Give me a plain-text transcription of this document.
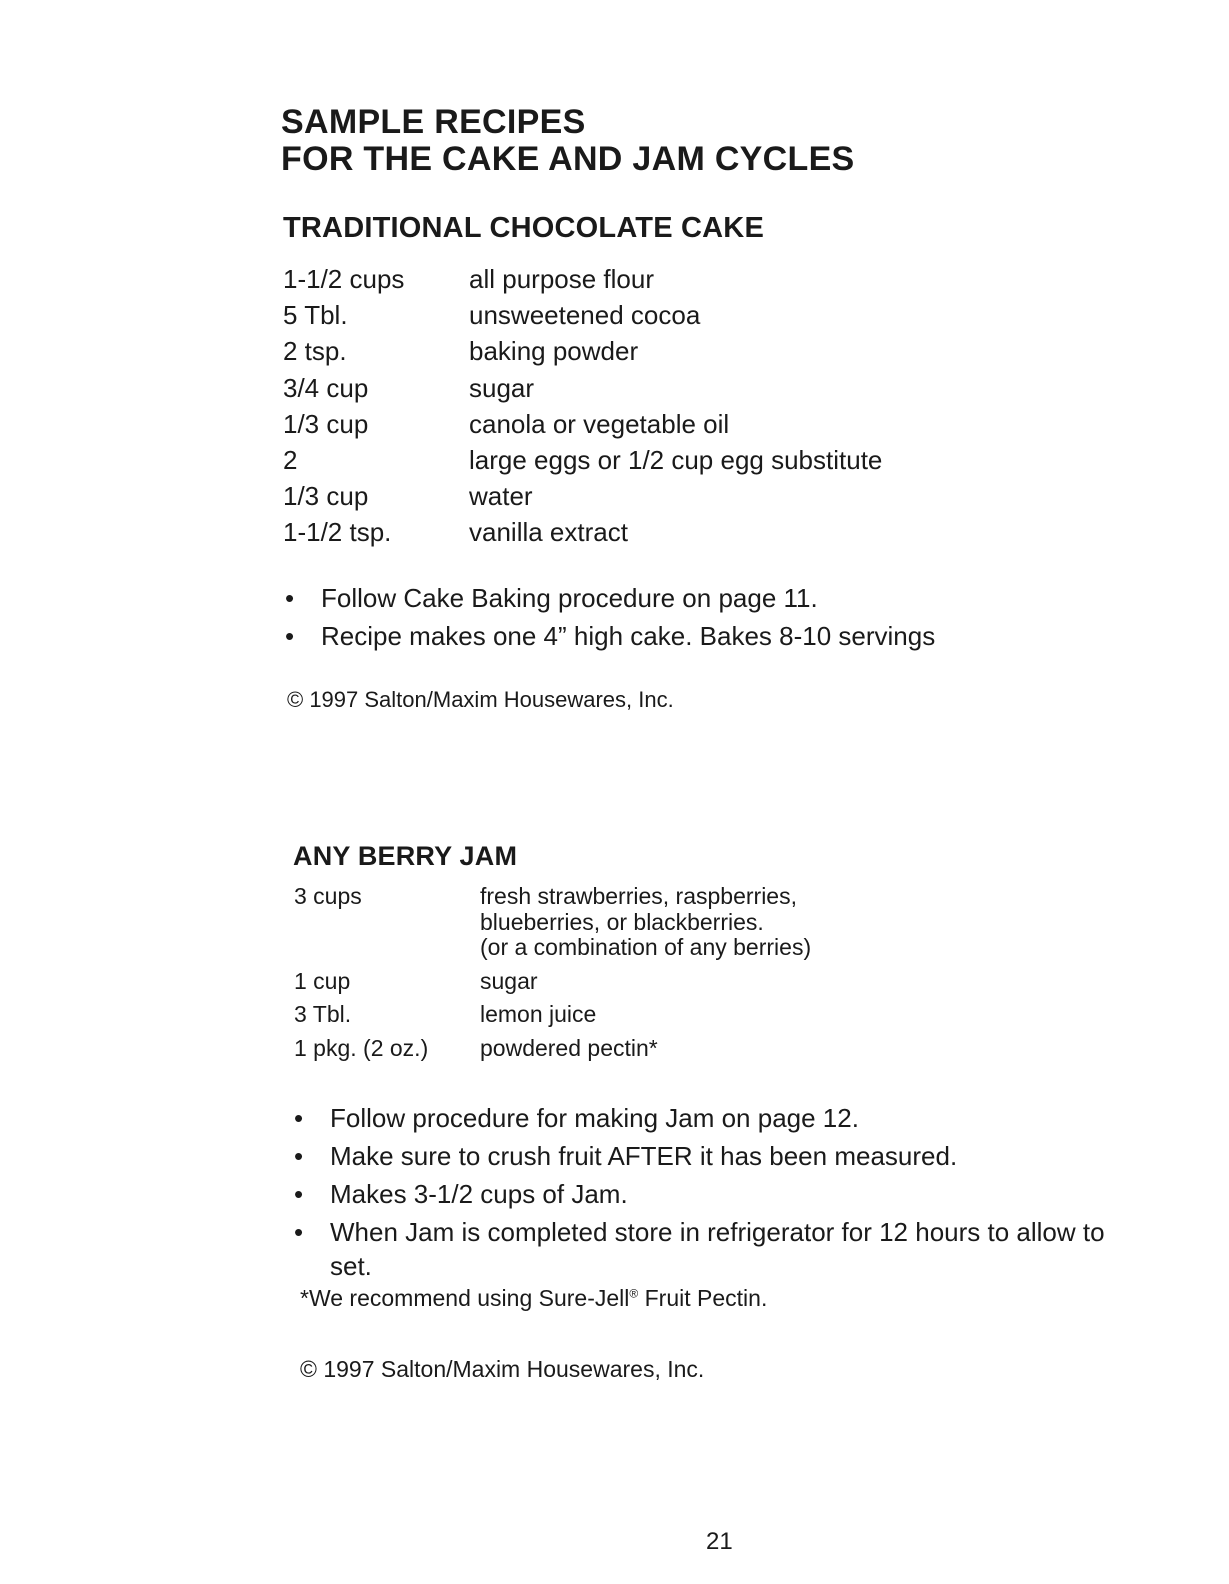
SAMPLE RECIPES
FOR THE CAKE AND JAM CYCLES
TRADITIONAL CHOCOLATE CAKE
1-1/2 cups	all purpose flour
5 Tbl.	unsweetened cocoa
2 tsp.	baking powder
3/4 cup	sugar
1/3 cup	canola or vegetable oil
2	large eggs or 1/2 cup egg substitute
1/3 cup	water
1-1/2 tsp.	vanilla extract
• Follow Cake Baking procedure on page 11.
• Recipe makes one 4” high cake. Bakes 8-10 servings

© 1997 Salton/Maxim Housewares, Inc.

ANY BERRY JAM
3 cups	fresh strawberries, raspberries,
blueberries, or blackberries.
(or a combination of any berries)
1 cup	sugar
3 Tbl.	lemon juice
1 pkg. (2 oz.)	powdered pectin*
• Follow procedure for making Jam on page 12.
• Make sure to crush fruit AFTER it has been measured.
• Makes 3-1/2 cups of Jam.
• When Jam is completed store in refrigerator for 12 hours to allow to set.

*We recommend using Sure-Jell® Fruit Pectin.

© 1997 Salton/Maxim Housewares, Inc.

21
